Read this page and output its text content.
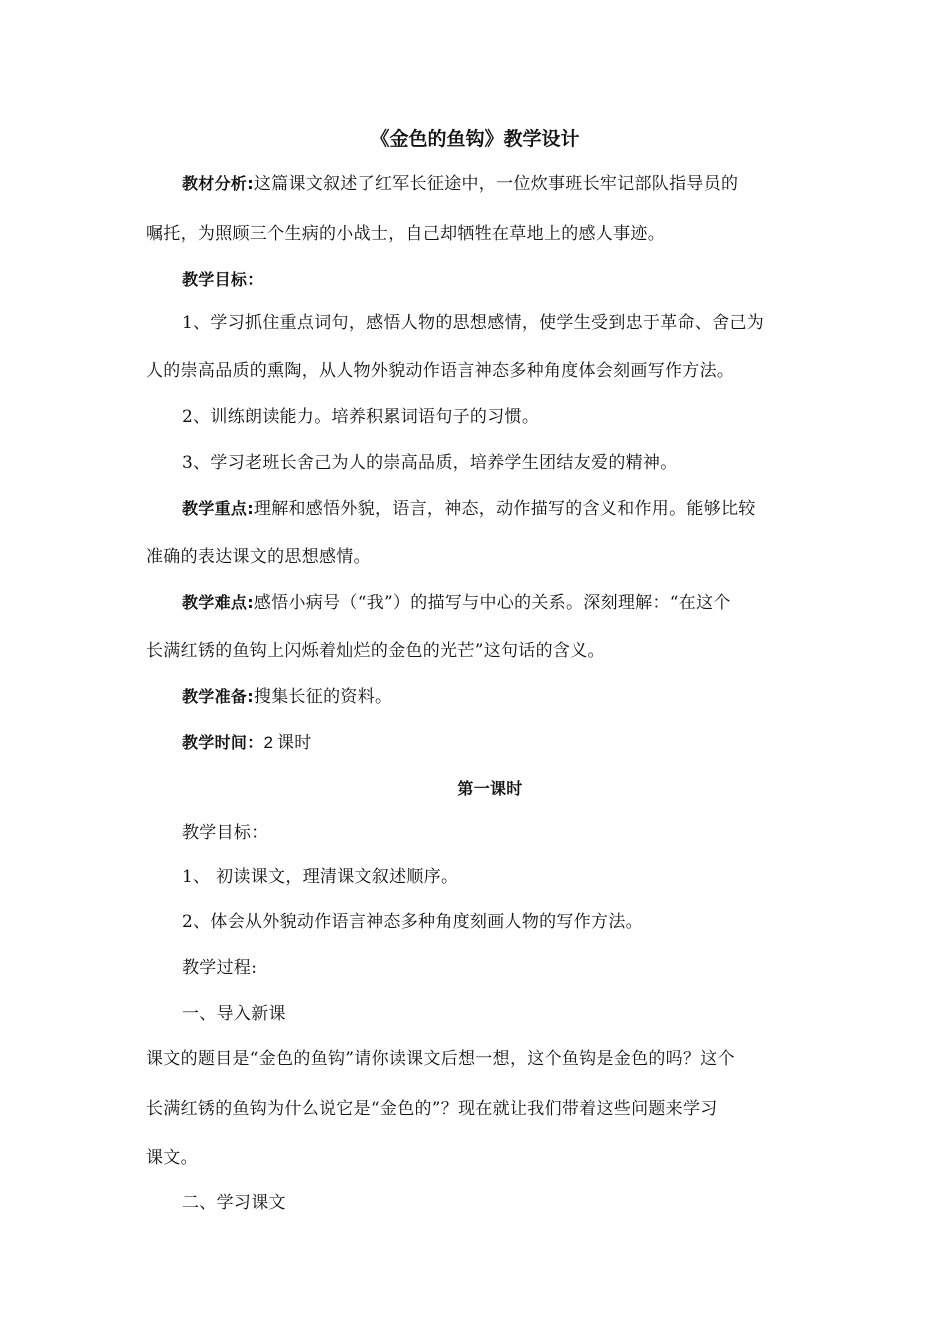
《金色的鱼钩》教学设计
教材分析:这篇课文叙述了红军长征途中，一位炊事班长牢记部队指导员的
嘱托，为照顾三个生病的小战士，自己却牺牲在草地上的感人事迹。
教学目标：
1、学习抓住重点词句，感悟人物的思想感情，使学生受到忠于革命、舍己为
人的崇高品质的熏陶，从人物外貌动作语言神态多种角度体会刻画写作方法。
2、训练朗读能力。培养积累词语句子的习惯。
3、学习老班长舍己为人的崇高品质，培养学生团结友爱的精神。
教学重点:理解和感悟外貌，语言，神态，动作描写的含义和作用。能够比较
准确的表达课文的思想感情。
教学难点:感悟小病号（“我”）的描写与中心的关系。深刻理解：“在这个
长满红锈的鱼钩上闪烁着灿烂的金色的光芒”这句话的含义。
教学准备:搜集长征的资料。
教学时间：2  课时
第一课时
教学目标：
1、 初读课文，理清课文叙述顺序。
2、体会从外貌动作语言神态多种角度刻画人物的写作方法。
教学过程:
一、导入新课
课文的题目是“金色的鱼钩”请你读课文后想一想，这个鱼钩是金色的吗？这个
长满红锈的鱼钩为什么说它是“金色的”？现在就让我们带着这些问题来学习
课文。
二、学习课文
